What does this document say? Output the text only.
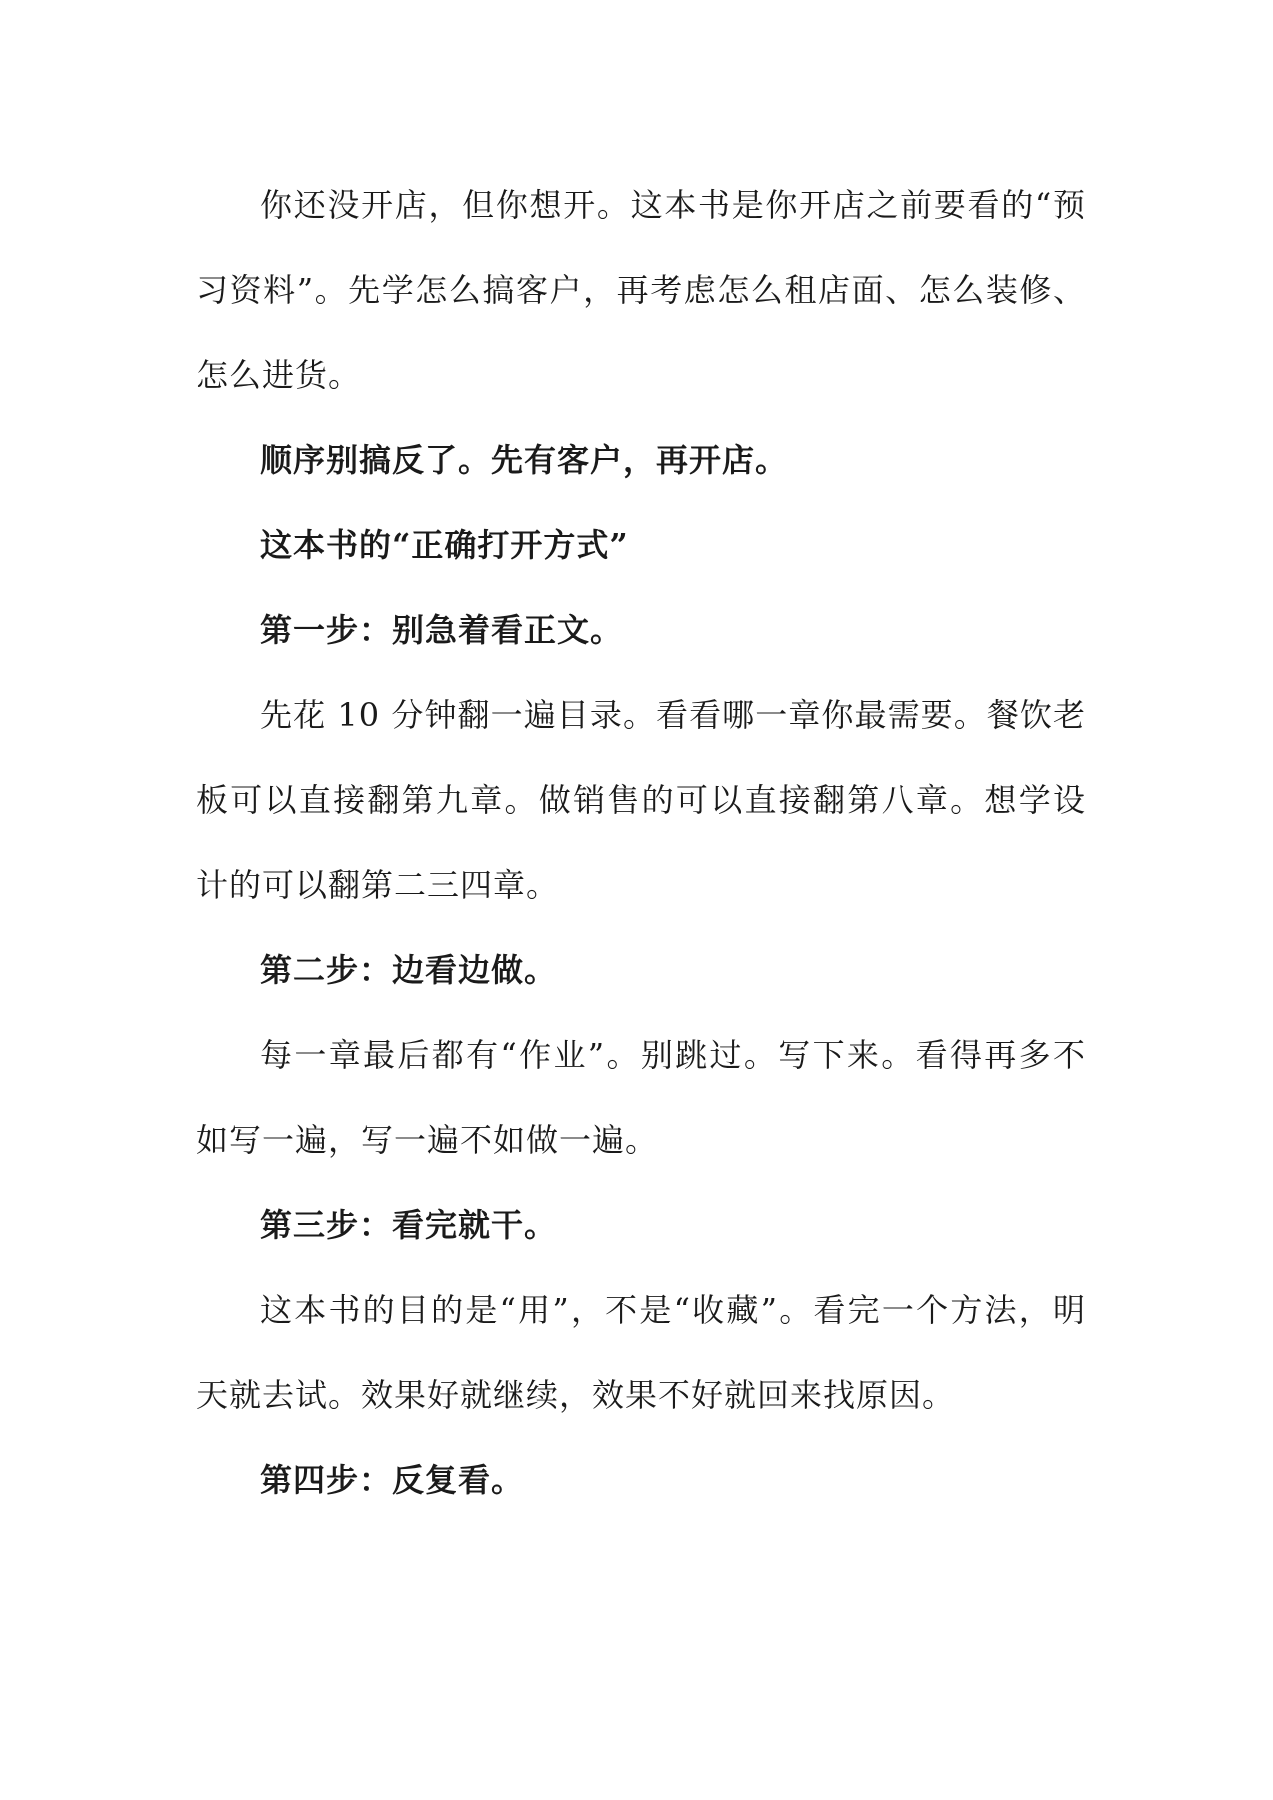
你还没开店，但你想开。这本书是你开店之前要看的“预习资料”。先学怎么搞客户，再考虑怎么租店面、怎么装修、怎么进货。

顺序别搞反了。先有客户，再开店。

这本书的“正确打开方式”

第一步：别急着看正文。

先花 10 分钟翻一遍目录。看看哪一章你最需要。餐饮老板可以直接翻第九章。做销售的可以直接翻第八章。想学设计的可以翻第二三四章。

第二步：边看边做。

每一章最后都有“作业”。别跳过。写下来。看得再多不如写一遍，写一遍不如做一遍。

第三步：看完就干。

这本书的目的是“用”，不是“收藏”。看完一个方法，明天就去试。效果好就继续，效果不好就回来找原因。

第四步：反复看。
